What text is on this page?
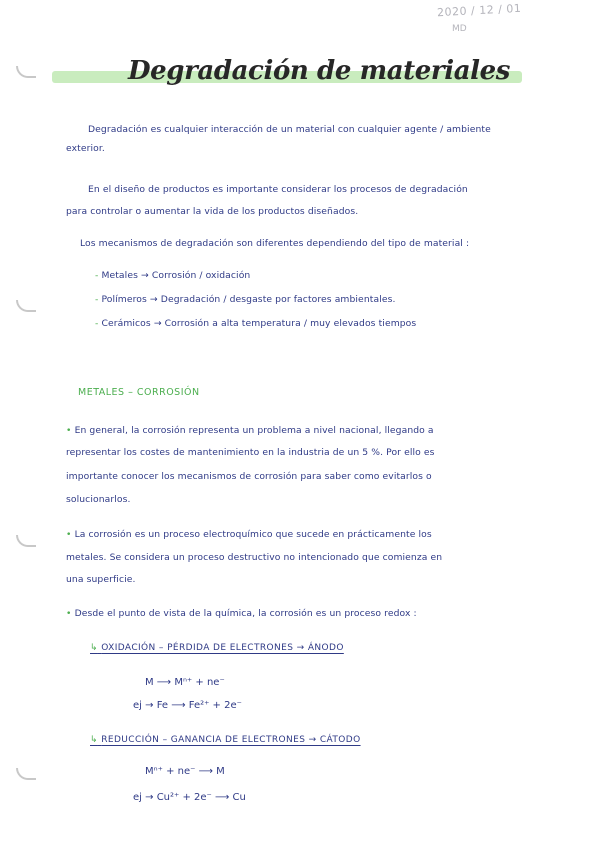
2020 / 12 / 01
MD
Degradación de materiales
Degradación es cualquier interacción de un material con cualquier agente / ambiente
exterior.
En el diseño de productos es importante considerar los procesos de degradación
para controlar o aumentar la vida de los productos diseñados.
Los mecanismos de degradación son diferentes dependiendo del tipo de material :
- Metales → Corrosión / oxidación
- Polímeros → Degradación / desgaste por factores ambientales.
- Cerámicos → Corrosión a alta temperatura / muy elevados tiempos
METALES – CORROSIÓN
• En general, la corrosión representa un problema a nivel nacional, llegando a
representar los costes de mantenimiento en la industria de un 5 %. Por ello es
importante conocer los mecanismos de corrosión para saber como evitarlos o
solucionarlos.
• La corrosión es un proceso electroquímico que sucede en prácticamente los
metales. Se considera un proceso destructivo no intencionado que comienza en
una superficie.
• Desde el punto de vista de la química, la corrosión es un proceso redox :
↳ OXIDACIÓN – PÉRDIDA DE ELECTRONES → ÁNODO
M ⟶ Mⁿ⁺ + ne⁻
ej → Fe ⟶ Fe²⁺ + 2e⁻
↳ REDUCCIÓN – GANANCIA DE ELECTRONES → CÁTODO
Mⁿ⁺ + ne⁻ ⟶ M
ej → Cu²⁺ + 2e⁻ ⟶ Cu
